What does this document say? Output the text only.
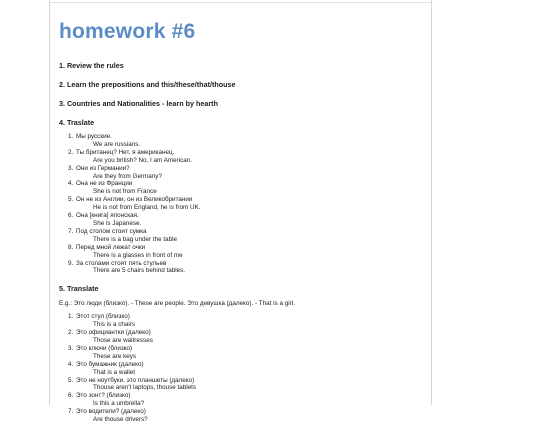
homework #6

1. Review the rules

2. Learn the prepositions and this/these/that/thouse

3. Countries and Nationalities - learn by hearth

4. Traslate

1. Мы русские.
We are russians.
2. Ты британец? Нет, я американец.
Are you british? No, I am American.
3. Они из Германии?
Are they from Germany?
4. Она не из Франции
She is not from France
5. Он не из Англии, он из Великобритании
He is not from England, he is from UK.
6. Она [книга] японская.
She is Japanese.
7. Под столом стоит сумка
There is a bag under the table
8. Перед мной лежат очки
There is a glasses in front of me
9. За столами стоят пять стульев
There are 5 chairs behind tables.

5. Translate

E.g.: Это люди (близко). - These are people. Это девушка (далеко). - That is a girl.
1. Этот стул (близко)
This is a chairs
2. Это официантки (далеко)
Those are waitresses
3. Это ключи (близко)
These are keys
4. Это бумажник (далеко)
That is a wallet
5. Это не ноутбуки, это планшеты (далеко)
Thouse aren't laptops, thouse tablets
6. Это зонт? (близко)
Is this a umbrella?
7. Это водители? (далеко)
Are thouse drivers?
